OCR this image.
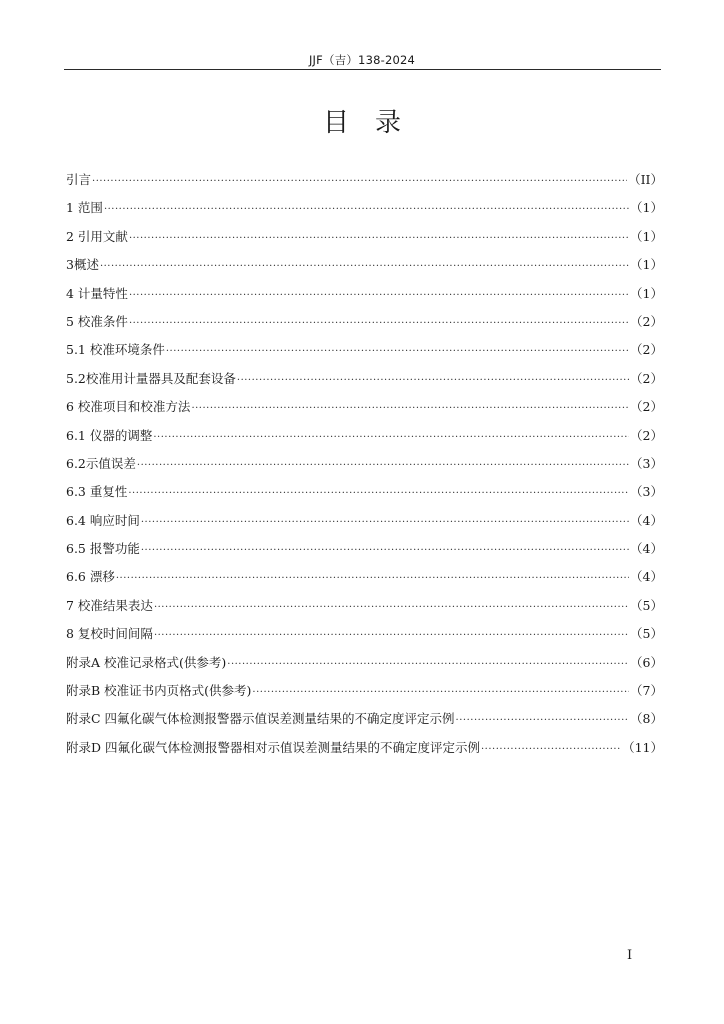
JJF（吉）138-2024
目录
引言 ·····	（II）
1 范围 ·····	（1）
2 引用文献 ·····	（1）
3概述 ·····	（1）
4 计量特性 ·····	（1）
5 校准条件 ·····	（2）
5.1 校准环境条件 ·····	（2）
5.2校准用计量器具及配套设备 ·····	（2）
6 校准项目和校准方法 ·····	（2）
6.1 仪器的调整 ·····	（2）
6.2示值误差 ·····	（3）
6.3 重复性 ·····	（3）
6.4 响应时间 ·····	（4）
6.5 报警功能 ·····	（4）
6.6 漂移 ·····	（4）
7 校准结果表达 ·····	（5）
8 复校时间间隔 ·····	（5）
附录A 校准记录格式(供参考) ·····	（6）
附录B 校准证书内页格式(供参考) ·····	（7）
附录C 四氟化碳气体检测报警器示值误差测量结果的不确定度评定示例 ·····	（8）
附录D 四氟化碳气体检测报警器相对示值误差测量结果的不确定度评定示例 ·····	（11）
I
